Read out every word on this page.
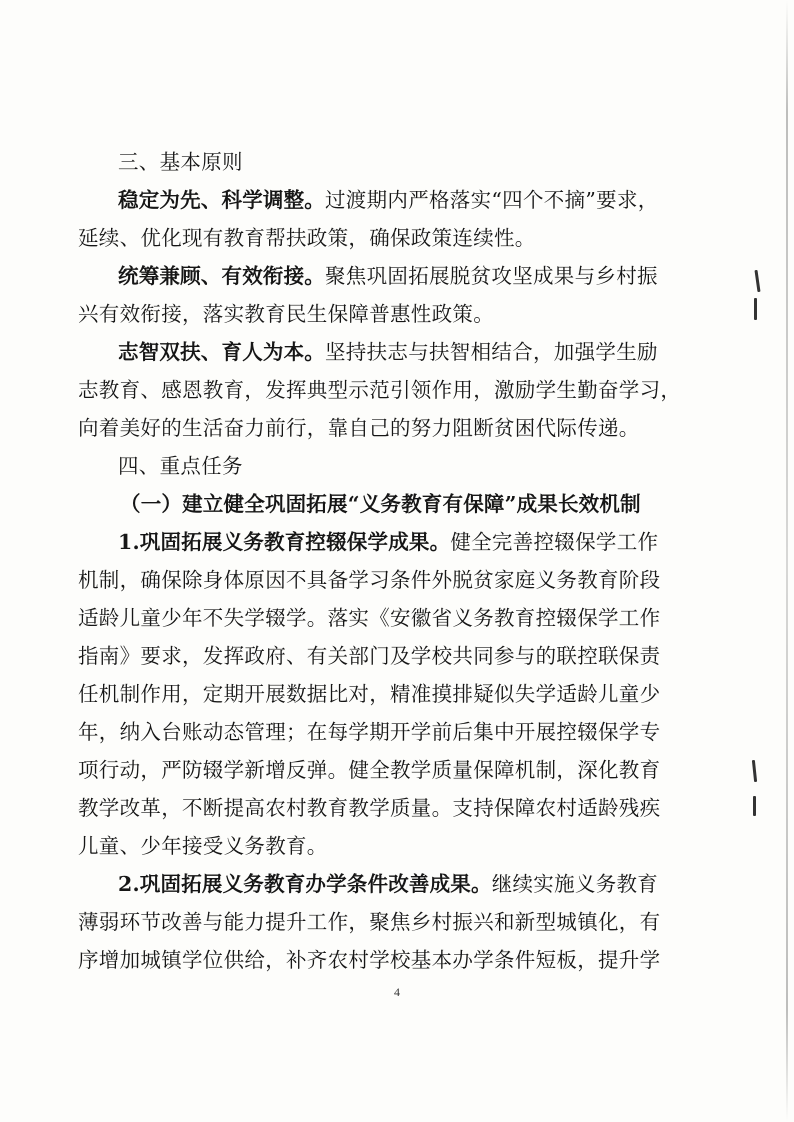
三、基本原则
稳定为先、科学调整。过渡期内严格落实“四个不摘”要求，
延续、优化现有教育帮扶政策，确保政策连续性。
统筹兼顾、有效衔接。聚焦巩固拓展脱贫攻坚成果与乡村振
兴有效衔接，落实教育民生保障普惠性政策。
志智双扶、育人为本。坚持扶志与扶智相结合，加强学生励
志教育、感恩教育，发挥典型示范引领作用，激励学生勤奋学习，
向着美好的生活奋力前行，靠自己的努力阻断贫困代际传递。
四、重点任务
（一）建立健全巩固拓展“义务教育有保障”成果长效机制
1.巩固拓展义务教育控辍保学成果。健全完善控辍保学工作
机制，确保除身体原因不具备学习条件外脱贫家庭义务教育阶段
适龄儿童少年不失学辍学。落实《安徽省义务教育控辍保学工作
指南》要求，发挥政府、有关部门及学校共同参与的联控联保责
任机制作用，定期开展数据比对，精准摸排疑似失学适龄儿童少
年，纳入台账动态管理；在每学期开学前后集中开展控辍保学专
项行动，严防辍学新增反弹。健全教学质量保障机制，深化教育
教学改革，不断提高农村教育教学质量。支持保障农村适龄残疾
儿童、少年接受义务教育。
2.巩固拓展义务教育办学条件改善成果。继续实施义务教育
薄弱环节改善与能力提升工作，聚焦乡村振兴和新型城镇化，有
序增加城镇学位供给，补齐农村学校基本办学条件短板，提升学
4
